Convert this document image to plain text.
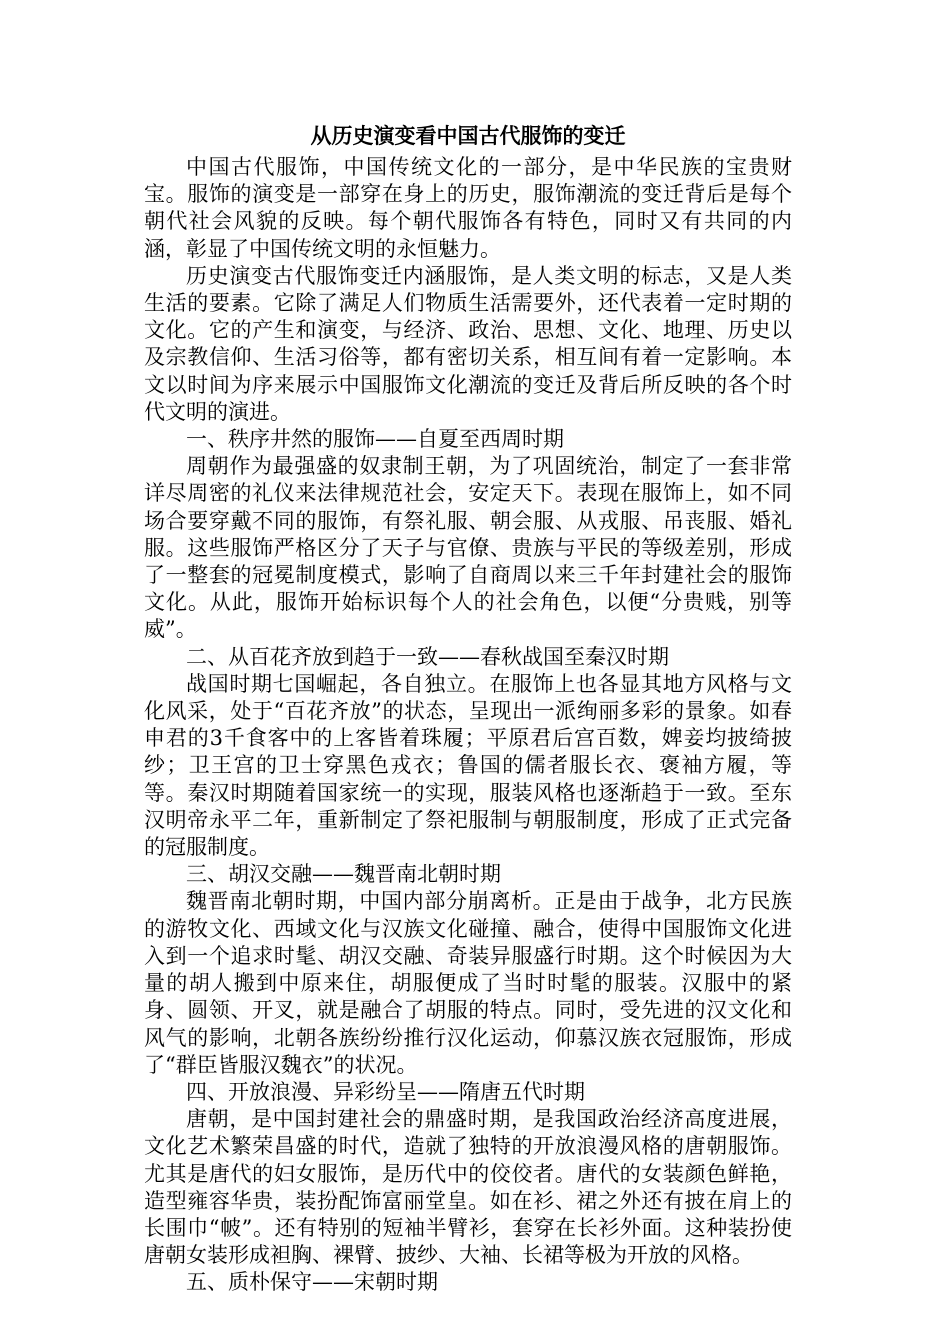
从历史演变看中国古代服饰的变迁

中国古代服饰，中国传统文化的一部分，是中华民族的宝贵财宝。服饰的演变是一部穿在身上的历史，服饰潮流的变迁背后是每个朝代社会风貌的反映。每个朝代服饰各有特色，同时又有共同的内涵，彰显了中国传统文明的永恒魅力。

历史演变古代服饰变迁内涵服饰，是人类文明的标志，又是人类生活的要素。它除了满足人们物质生活需要外，还代表着一定时期的文化。它的产生和演变，与经济、政治、思想、文化、地理、历史以及宗教信仰、生活习俗等，都有密切关系，相互间有着一定影响。本文以时间为序来展示中国服饰文化潮流的变迁及背后所反映的各个时代文明的演进。

一、秩序井然的服饰——自夏至西周时期

周朝作为最强盛的奴隶制王朝，为了巩固统治，制定了一套非常详尽周密的礼仪来法律规范社会，安定天下。表现在服饰上，如不同场合要穿戴不同的服饰，有祭礼服、朝会服、从戎服、吊丧服、婚礼服。这些服饰严格区分了天子与官僚、贵族与平民的等级差别，形成了一整套的冠冕制度模式，影响了自商周以来三千年封建社会的服饰文化。从此，服饰开始标识每个人的社会角色，以便“分贵贱，别等威”。

二、从百花齐放到趋于一致——春秋战国至秦汉时期

战国时期七国崛起，各自独立。在服饰上也各显其地方风格与文化风采，处于“百花齐放”的状态，呈现出一派绚丽多彩的景象。如春申君的3千食客中的上客皆着珠履；平原君后宫百数，婢妾均披绮披纱；卫王宫的卫士穿黑色戎衣；鲁国的儒者服长衣、褒袖方履，等等。秦汉时期随着国家统一的实现，服装风格也逐渐趋于一致。至东汉明帝永平二年，重新制定了祭祀服制与朝服制度，形成了正式完备的冠服制度。

三、胡汉交融——魏晋南北朝时期

魏晋南北朝时期，中国内部分崩离析。正是由于战争，北方民族的游牧文化、西域文化与汉族文化碰撞、融合，使得中国服饰文化进入到一个追求时髦、胡汉交融、奇装异服盛行时期。这个时候因为大量的胡人搬到中原来住，胡服便成了当时时髦的服装。汉服中的紧身、圆领、开叉，就是融合了胡服的特点。同时，受先进的汉文化和风气的影响，北朝各族纷纷推行汉化运动，仰慕汉族衣冠服饰，形成了“群臣皆服汉魏衣”的状况。

四、开放浪漫、异彩纷呈——隋唐五代时期

唐朝，是中国封建社会的鼎盛时期，是我国政治经济高度进展，文化艺术繁荣昌盛的时代，造就了独特的开放浪漫风格的唐朝服饰。尤其是唐代的妇女服饰，是历代中的佼佼者。唐代的女装颜色鲜艳，造型雍容华贵，装扮配饰富丽堂皇。如在衫、裙之外还有披在肩上的长围巾“帔”。还有特别的短袖半臂衫，套穿在长衫外面。这种装扮使唐朝女装形成袒胸、裸臂、披纱、大袖、长裙等极为开放的风格。

五、质朴保守——宋朝时期
